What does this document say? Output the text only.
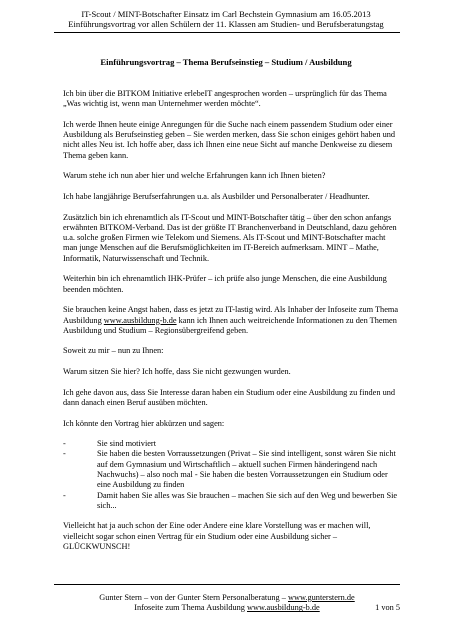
IT-Scout / MINT-Botschafter Einsatz im Carl Bechstein Gymnasium am 16.05.2013
Einführungsvortrag vor allen Schülern der 11. Klassen am Studien- und Berufsberatungstag
Einführungsvortrag – Thema Berufseinstieg – Studium / Ausbildung

Ich bin über die BITKOM Initiative erlebeIT angesprochen worden – ursprünglich für das Thema „Was wichtig ist, wenn man Unternehmer werden möchte“.

Ich werde Ihnen heute einige Anregungen für die Suche nach einem passendem Studium oder einer Ausbildung als Berufseinstieg geben – Sie werden merken, dass Sie schon einiges gehört haben und nicht alles Neu ist. Ich hoffe aber, dass ich Ihnen eine neue Sicht auf manche Denkweise zu diesem Thema geben kann.

Warum stehe ich nun aber hier und welche Erfahrungen kann ich Ihnen bieten?

Ich habe langjährige Berufserfahrungen u.a. als Ausbilder und Personalberater / Headhunter.

Zusätzlich bin ich ehrenamtlich als IT-Scout und MINT-Botschafter tätig – über den schon anfangs erwähnten BITKOM-Verband. Das ist der größte IT Branchenverband in Deutschland, dazu gehören u.a. solche großen Firmen wie Telekom und Siemens. Als IT-Scout und MINT-Botschafter macht man junge Menschen auf die Berufsmöglichkeiten im IT-Bereich aufmerksam. MINT – Mathe, Informatik, Naturwissenschaft und Technik.

Weiterhin bin ich ehrenamtlich IHK-Prüfer – ich prüfe also junge Menschen, die eine Ausbildung beenden möchten.

Sie brauchen keine Angst haben, dass es jetzt zu IT-lastig wird. Als Inhaber der Infoseite zum Thema Ausbildung www.ausbildung-b.de kann ich Ihnen auch weitreichende Informationen zu den Themen Ausbildung und Studium – Regionsübergreifend geben.

Soweit zu mir – nun zu Ihnen:

Warum sitzen Sie hier? Ich hoffe, dass Sie nicht gezwungen wurden.

Ich gehe davon aus, dass Sie Interesse daran haben ein Studium oder eine Ausbildung zu finden und dann danach einen Beruf ausüben möchten.

Ich könnte den Vortrag hier abkürzen und sagen:

-	Sie sind motiviert
-	Sie haben die besten Vorraussetzungen (Privat – Sie sind intelligent, sonst wären Sie nicht auf dem Gymnasium und Wirtschaftlich – aktuell suchen Firmen händeringend nach Nachwuchs) – also noch mal - Sie haben die besten Vorraussetzungen ein Studium oder eine Ausbildung zu finden
-	Damit haben Sie alles was Sie brauchen – machen Sie sich auf den Weg und bewerben Sie sich...

Vielleicht hat ja auch schon der Eine oder Andere eine klare Vorstellung was er machen will, vielleicht sogar schon einen Vertrag für ein Studium oder eine Ausbildung sicher – GLÜCKWUNSCH!

Gunter Stern – von der Gunter Stern Personalberatung – www.gunterstern.de
Infoseite zum Thema Ausbildung www.ausbildung-b.de	1 von 5
